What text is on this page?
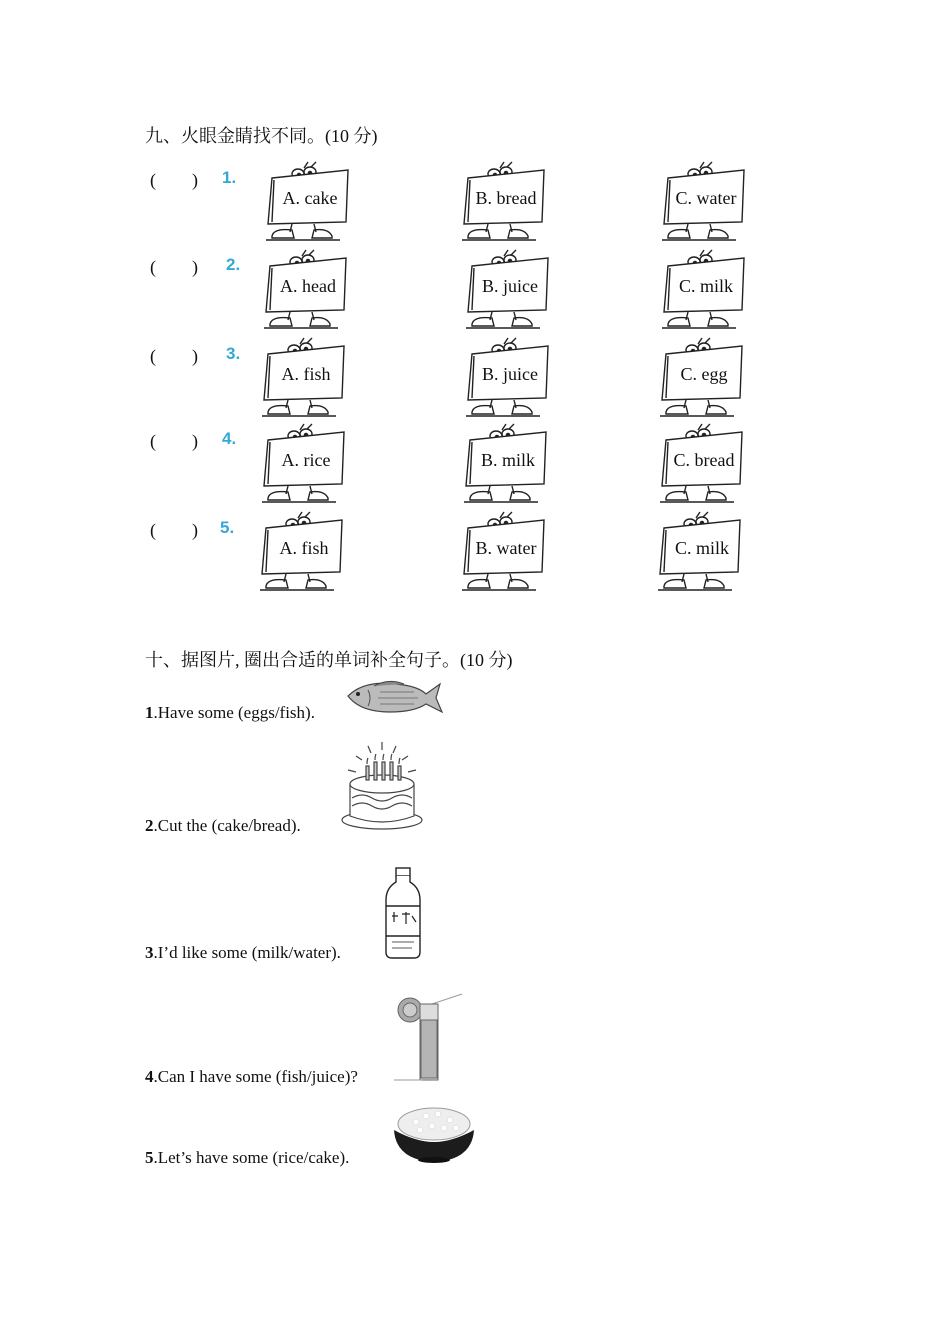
九、火眼金睛找不同。(10 分)
(　　) 1.
A. cake	B. bread	C. water
(　　) 2.
A. head	B. juice	C. milk
(　　) 3.
A. fish	B. juice	C. egg
(　　) 4.
A. rice	B. milk	C. bread
(　　) 5.
A. fish	B. water	C. milk
十、据图片, 圈出合适的单词补全句子。(10 分)
1.Have some (eggs/fish).
2.Cut the (cake/bread).
3.I’d like some (milk/water).
4.Can I have some (fish/juice)?
5.Let’s have some (rice/cake).
